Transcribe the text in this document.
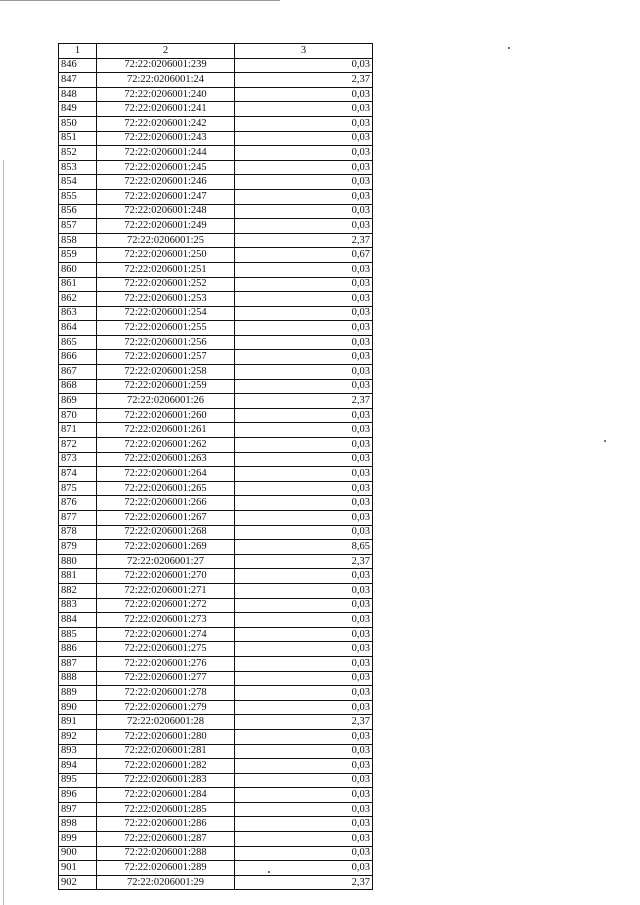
1	2	3
846	72:22:0206001:239	0,03
847	72:22:0206001:24	2,37
848	72:22:0206001:240	0,03
849	72:22:0206001:241	0,03
850	72:22:0206001:242	0,03
851	72:22:0206001:243	0,03
852	72:22:0206001:244	0,03
853	72:22:0206001:245	0,03
854	72:22:0206001:246	0,03
855	72:22:0206001:247	0,03
856	72:22:0206001:248	0,03
857	72:22:0206001:249	0,03
858	72:22:0206001:25	2,37
859	72:22:0206001:250	0,67
860	72:22:0206001:251	0,03
861	72:22:0206001:252	0,03
862	72:22:0206001:253	0,03
863	72:22:0206001:254	0,03
864	72:22:0206001:255	0,03
865	72:22:0206001:256	0,03
866	72:22:0206001:257	0,03
867	72:22:0206001:258	0,03
868	72:22:0206001:259	0,03
869	72:22:0206001:26	2,37
870	72:22:0206001:260	0,03
871	72:22:0206001:261	0,03
872	72:22:0206001:262	0,03
873	72:22:0206001:263	0,03
874	72:22:0206001:264	0,03
875	72:22:0206001:265	0,03
876	72:22:0206001:266	0,03
877	72:22:0206001:267	0,03
878	72:22:0206001:268	0,03
879	72:22:0206001:269	8,65
880	72:22:0206001:27	2,37
881	72:22:0206001:270	0,03
882	72:22:0206001:271	0,03
883	72:22:0206001:272	0,03
884	72:22:0206001:273	0,03
885	72:22:0206001:274	0,03
886	72:22:0206001:275	0,03
887	72:22:0206001:276	0,03
888	72:22:0206001:277	0,03
889	72:22:0206001:278	0,03
890	72:22:0206001:279	0,03
891	72:22:0206001:28	2,37
892	72:22:0206001:280	0,03
893	72:22:0206001:281	0,03
894	72:22:0206001:282	0,03
895	72:22:0206001:283	0,03
896	72:22:0206001:284	0,03
897	72:22:0206001:285	0,03
898	72:22:0206001:286	0,03
899	72:22:0206001:287	0,03
900	72:22:0206001:288	0,03
901	72:22:0206001:289	0,03
902	72:22:0206001:29	2,37
